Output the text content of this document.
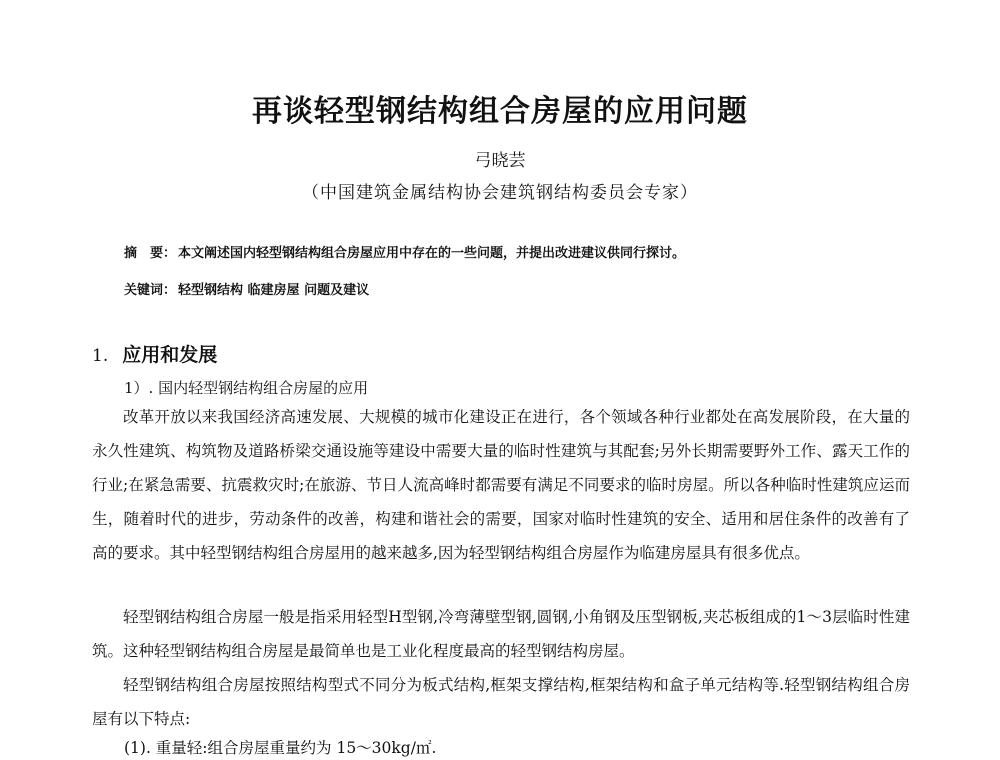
再谈轻型钢结构组合房屋的应用问题
弓晓芸
（中国建筑金属结构协会建筑钢结构委员会专家）
摘　要： 本文阐述国内轻型钢结构组合房屋应用中存在的一些问题，并提出改进建议供同行探讨。
关键词： 轻型钢结构 临建房屋 问题及建议
1. 应用和发展
1）. 国内轻型钢结构组合房屋的应用
改革开放以来我国经济高速发展、大规模的城市化建设正在进行，各个领域各种行业都处在高发展阶段，在大量的永久性建筑、构筑物及道路桥梁交通设施等建设中需要大量的临时性建筑与其配套;另外长期需要野外工作、露天工作的行业;在紧急需要、抗震救灾时;在旅游、节日人流高峰时都需要有满足不同要求的临时房屋。所以各种临时性建筑应运而生，随着时代的进步，劳动条件的改善，构建和谐社会的需要，国家对临时性建筑的安全、适用和居住条件的改善有了高的要求。其中轻型钢结构组合房屋用的越来越多,因为轻型钢结构组合房屋作为临建房屋具有很多优点。
轻型钢结构组合房屋一般是指采用轻型H型钢,冷弯薄壁型钢,圆钢,小角钢及压型钢板,夹芯板组成的1～3层临时性建筑。这种轻型钢结构组合房屋是最简单也是工业化程度最高的轻型钢结构房屋。
轻型钢结构组合房屋按照结构型式不同分为板式结构,框架支撑结构,框架结构和盒子单元结构等.轻型钢结构组合房屋有以下特点:
(1). 重量轻:组合房屋重量约为 15～30kg/㎡.
